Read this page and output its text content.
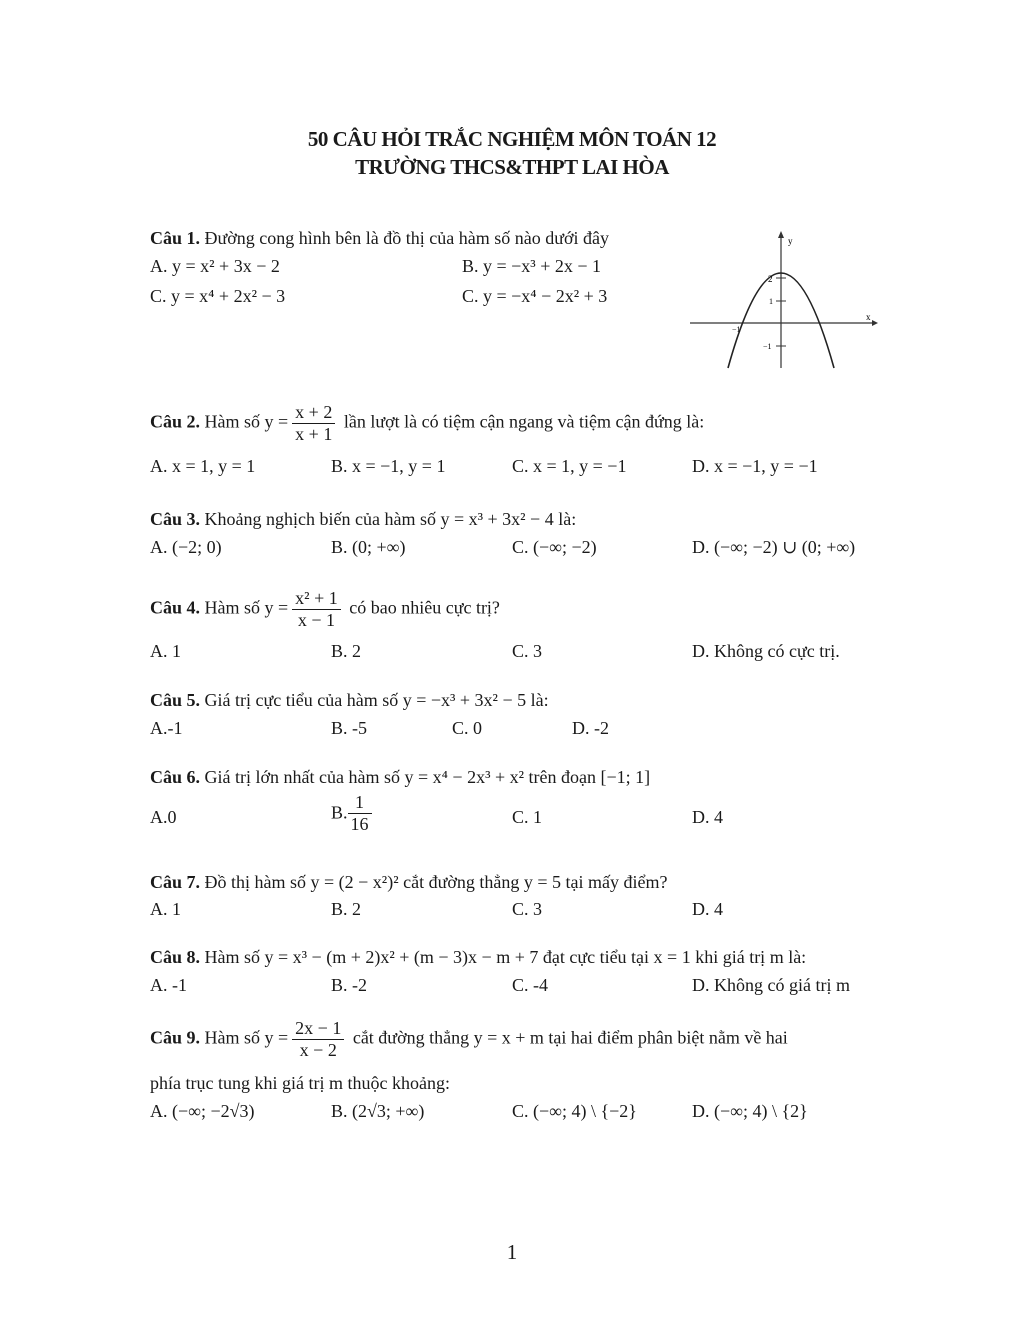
50 CÂU HỎI TRẮC NGHIỆM MÔN TOÁN 12
TRƯỜNG THCS&THPT LAI HÒA
Câu 1. Đường cong hình bên là đồ thị của hàm số nào dưới đây
A. y = x² + 3x − 2	B. y = −x³ + 2x − 1
C. y = x⁴ + 2x² − 3	C. y = −x⁴ − 2x² + 3
y
x
2
1
−1
−1
Câu 2. Hàm số $y = \frac{x + 2}{x + 1}$ lần lượt là có tiệm cận ngang và tiệm cận đứng là:
A. x = 1, y = 1	B. x = −1, y = 1	C. x = 1, y = −1	D. x = −1, y = −1
Câu 3. Khoảng nghịch biến của hàm số y = x³ + 3x² − 4 là:
A. (−2; 0)	B. (0; +∞)	C. (−∞; −2)	D. (−∞; −2) ∪ (0; +∞)
Câu 4. Hàm số $y = \frac{\text{x² + 1}}{x - 1}$ có bao nhiêu cực trị?
A. 1	B. 2	C. 3	D. Không có cực trị.
Câu 5. Giá trị cực tiểu của hàm số y = −x³ + 3x² − 5 là:
A.-1	B. -5	C. 0	D. -2
Câu 6. Giá trị lớn nhất của hàm số y = x⁴ − 2x³ + x² trên đoạn [−1; 1]
A.0	B. $\frac{1}{16}$	C. 1	D. 4
Câu 7. Đồ thị hàm số y = (2 − x²)² cắt đường thẳng y = 5 tại mấy điểm?
A. 1	B. 2	C. 3	D. 4
Câu 8. Hàm số y = x³ − (m + 2)x² + (m − 3)x − m + 7 đạt cực tiểu tại x = 1 khi giá trị m là:
A. -1	B. -2	C. -4	D. Không có giá trị m
Câu 9. Hàm số $y = \frac{2x - 1}{x - 2}$ cắt đường thẳng y = x + m tại hai điểm phân biệt nằm về hai
phía trục tung khi giá trị m thuộc khoảng:
A. (−∞; −2√3)	B. (2√3; +∞)	C. (−∞; 4) \ {−2}	D. (−∞; 4) \ {2}
1
